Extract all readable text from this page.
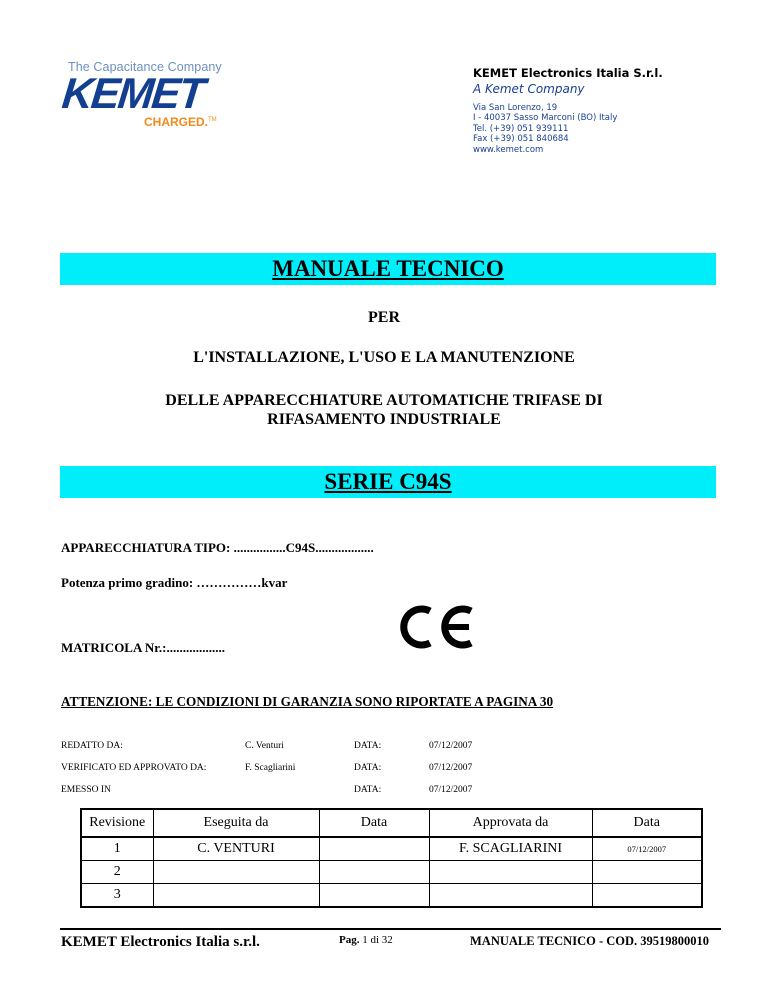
The Capacitance Company
KEMET
CHARGED.™
KEMET Electronics Italia S.r.l.
A Kemet Company
Via San Lorenzo, 19
I - 40037 Sasso Marconi (BO) Italy
Tel. (+39) 051 939111
Fax (+39) 051 840684
www.kemet.com
MANUALE TECNICO
PER
L'INSTALLAZIONE, L'USO E LA MANUTENZIONE
DELLE APPARECCHIATURE AUTOMATICHE TRIFASE DI
RIFASAMENTO INDUSTRIALE
SERIE C94S
APPARECCHIATURA TIPO: ................C94S..................
Potenza primo gradino: ……………kvar
MATRICOLA Nr.:..................
ATTENZIONE: LE CONDIZIONI DI GARANZIA SONO RIPORTATE A PAGINA 30
REDATTO DA:	C. Venturi	DATA:	07/12/2007
VERIFICATO ED APPROVATO DA:	F. Scagliarini	DATA:	07/12/2007
EMESSO IN	DATA:	07/12/2007
Revisione	Eseguita da	Data	Approvata da	Data
1	C. VENTURI		F. SCAGLIARINI	07/12/2007
2				
3				
KEMET Electronics Italia s.r.l.	Pag. 1 di 32	MANUALE TECNICO - COD. 39519800010
